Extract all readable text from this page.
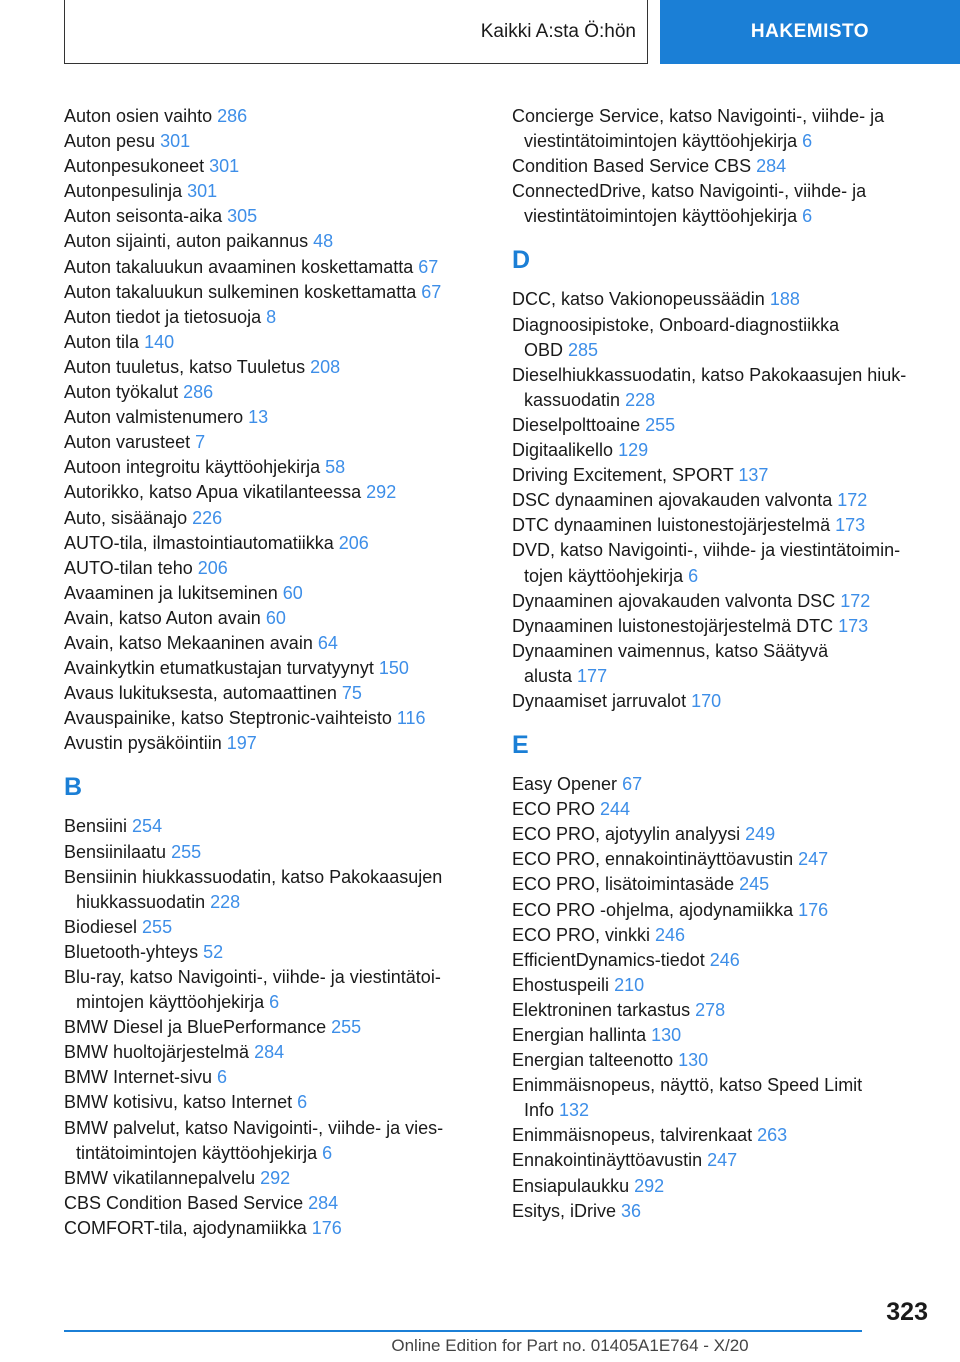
Kaikki A:sta Ö:hön	HAKEMISTO
Auton osien vaihto 286
Auton pesu 301
Autonpesukoneet 301
Autonpesulinja 301
Auton seisonta-aika 305
Auton sijainti, auton paikannus 48
Auton takaluukun avaaminen koskettamatta 67
Auton takaluukun sulkeminen koskettamatta 67
Auton tiedot ja tietosuoja 8
Auton tila 140
Auton tuuletus, katso Tuuletus 208
Auton työkalut 286
Auton valmistenumero 13
Auton varusteet 7
Autoon integroitu käyttöohjekirja 58
Autorikko, katso Apua vikatilanteessa 292
Auto, sisäänajo 226
AUTO-tila, ilmastointiautomatiikka 206
AUTO-tilan teho 206
Avaaminen ja lukitseminen 60
Avain, katso Auton avain 60
Avain, katso Mekaaninen avain 64
Avainkytkin etumatkustajan turvatyynyt 150
Avaus lukituksesta, automaattinen 75
Avauspainike, katso Steptronic-vaihteisto 116
Avustin pysäköintiin 197
B
Bensiini 254
Bensiinilaatu 255
Bensiinin hiukkassuodatin, katso Pakokaasujen
hiukkassuodatin 228
Biodiesel 255
Bluetooth-yhteys 52
Blu-ray, katso Navigointi-, viihde- ja viestintätoi-
mintojen käyttöohjekirja 6
BMW Diesel ja BluePerformance 255
BMW huoltojärjestelmä 284
BMW Internet-sivu 6
BMW kotisivu, katso Internet 6
BMW palvelut, katso Navigointi-, viihde- ja vies-
tintätoimintojen käyttöohjekirja 6
BMW vikatilannepalvelu 292
CBS Condition Based Service 284
COMFORT-tila, ajodynamiikka 176
Concierge Service, katso Navigointi-, viihde- ja
viestintätoimintojen käyttöohjekirja 6
Condition Based Service CBS 284
ConnectedDrive, katso Navigointi-, viihde- ja
viestintätoimintojen käyttöohjekirja 6
D
DCC, katso Vakionopeussäädin 188
Diagnoosipistoke, Onboard-diagnostiikka
OBD 285
Dieselhiukkassuodatin, katso Pakokaasujen hiuk-
kassuodatin 228
Dieselpolttoaine 255
Digitaalikello 129
Driving Excitement, SPORT 137
DSC dynaaminen ajovakauden valvonta 172
DTC dynaaminen luistonestojärjestelmä 173
DVD, katso Navigointi-, viihde- ja viestintätoimin-
tojen käyttöohjekirja 6
Dynaaminen ajovakauden valvonta DSC 172
Dynaaminen luistonestojärjestelmä DTC 173
Dynaaminen vaimennus, katso Säätyvä
alusta 177
Dynaamiset jarruvalot 170
E
Easy Opener 67
ECO PRO 244
ECO PRO, ajotyylin analyysi 249
ECO PRO, ennakointinäyttöavustin 247
ECO PRO, lisätoimintasäde 245
ECO PRO -ohjelma, ajodynamiikka 176
ECO PRO, vinkki 246
EfficientDynamics-tiedot 246
Ehostuspeili 210
Elektroninen tarkastus 278
Energian hallinta 130
Energian talteenotto 130
Enimmäisnopeus, näyttö, katso Speed Limit
Info 132
Enimmäisnopeus, talvirenkaat 263
Ennakointinäyttöavustin 247
Ensiapulaukku 292
Esitys, iDrive 36
323
Online Edition for Part no. 01405A1E764 - X/20
